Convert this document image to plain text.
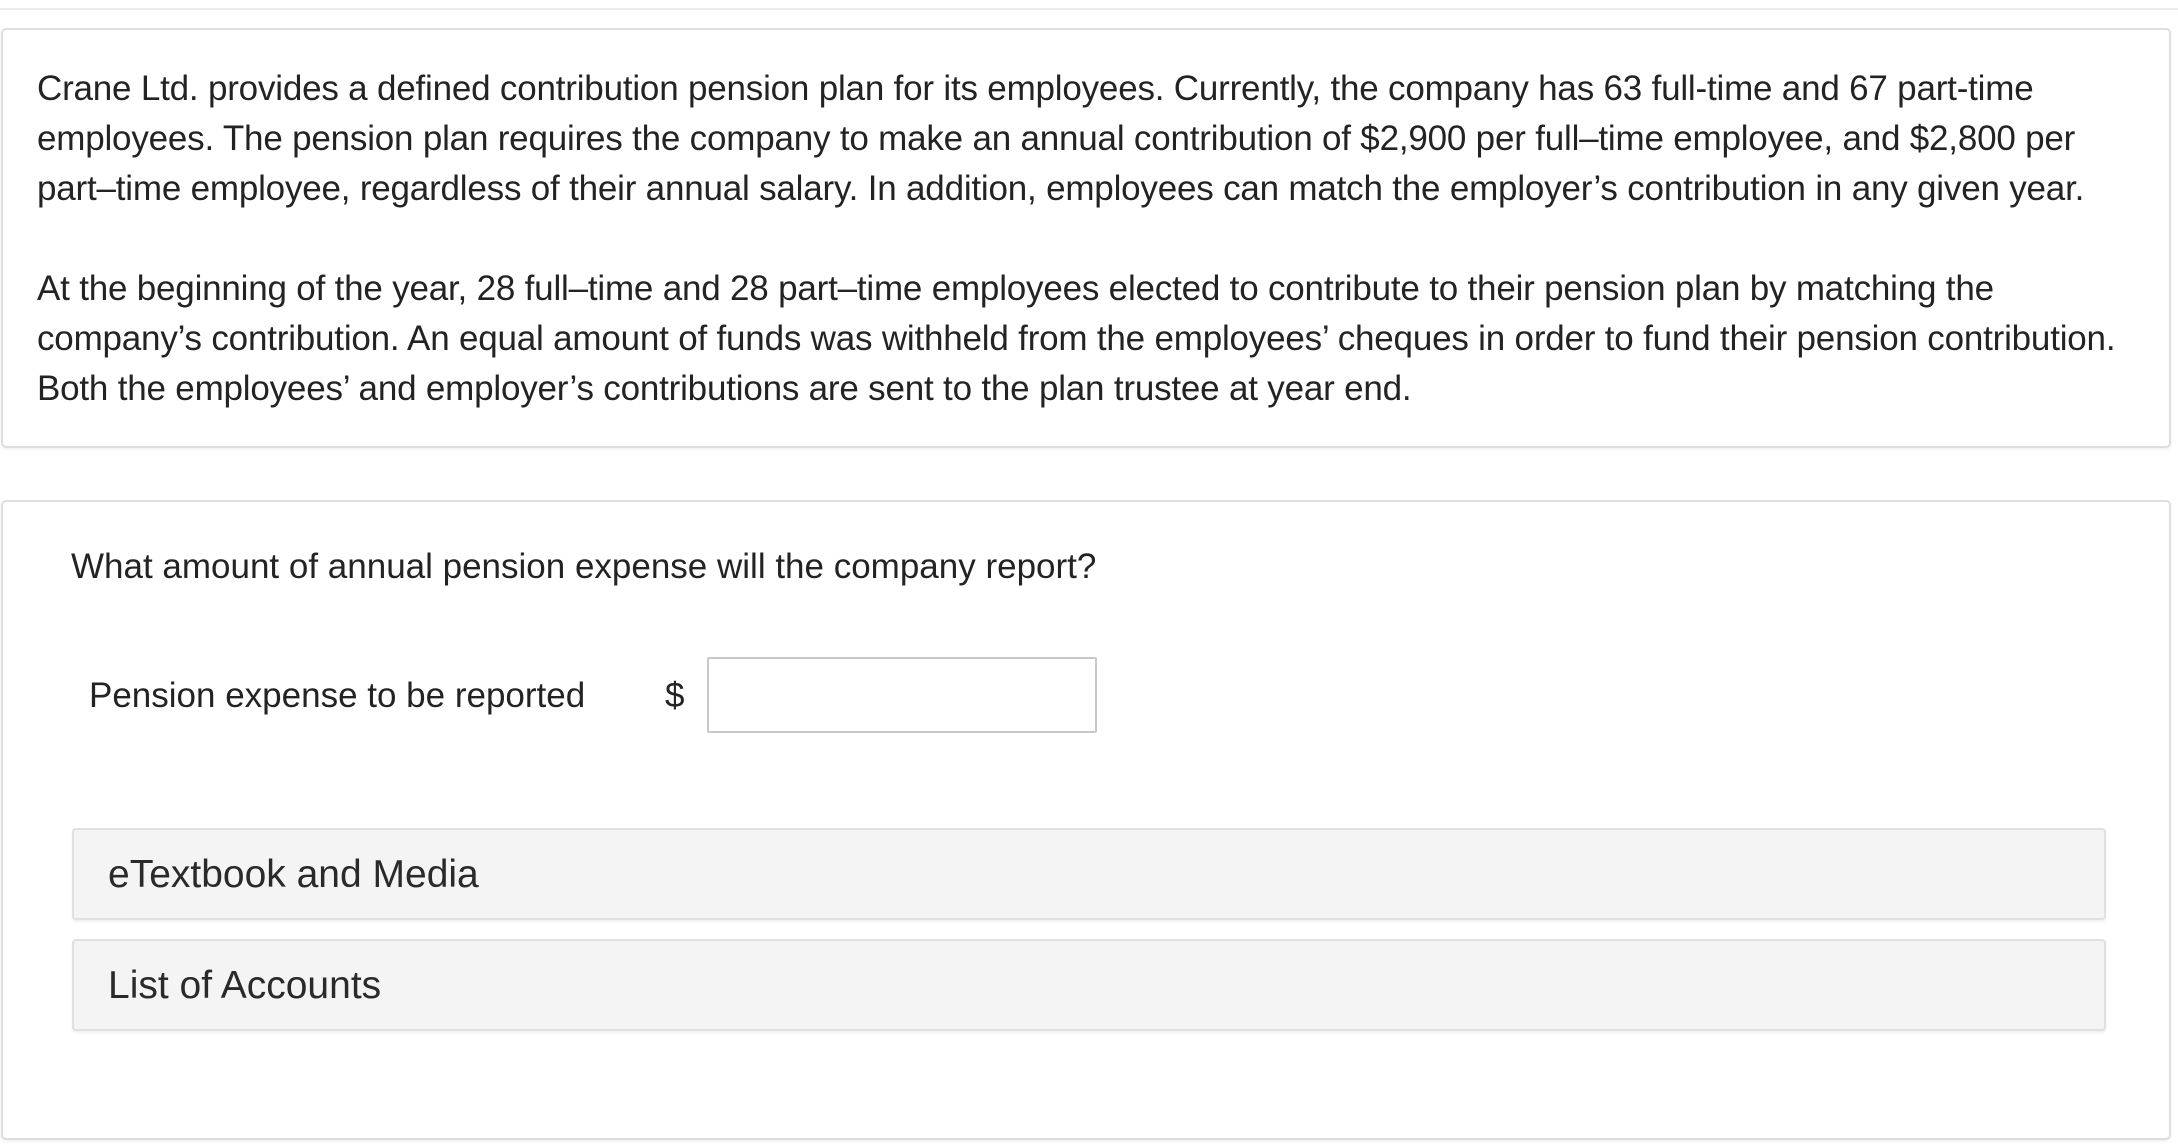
Crane Ltd. provides a defined contribution pension plan for its employees. Currently, the company has 63 full-time and 67 part-time employees. The pension plan requires the company to make an annual contribution of $2,900 per full–time employee, and $2,800 per part–time employee, regardless of their annual salary. In addition, employees can match the employer’s contribution in any given year.

At the beginning of the year, 28 full–time and 28 part–time employees elected to contribute to their pension plan by matching the company’s contribution. An equal amount of funds was withheld from the employees’ cheques in order to fund their pension contribution. Both the employees’ and employer’s contributions are sent to the plan trustee at year end.

What amount of annual pension expense will the company report?
Pension expense to be reported $
eTextbook and Media
List of Accounts
